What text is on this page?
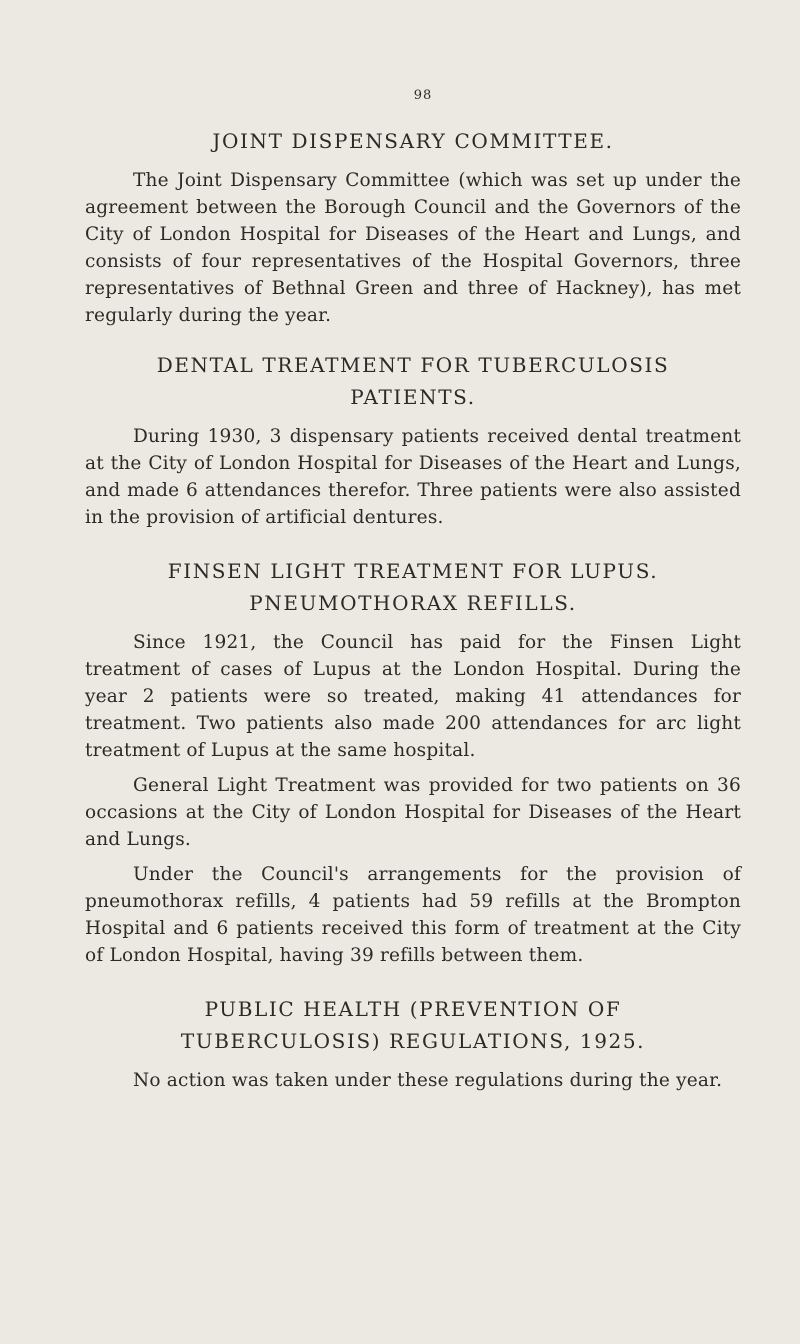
98
JOINT DISPENSARY COMMITTEE.

The Joint Dispensary Committee (which was set up under the agreement between the Borough Council and the Governors of the City of London Hospital for Diseases of the Heart and Lungs, and consists of four representatives of the Hospital Governors, three representatives of Bethnal Green and three of Hackney), has met regularly during the year.

DENTAL TREATMENT FOR TUBERCULOSIS
PATIENTS.

During 1930, 3 dispensary patients received dental treatment at the City of London Hospital for Diseases of the Heart and Lungs, and made 6 attendances therefor. Three patients were also assisted in the provision of artificial dentures.

FINSEN LIGHT TREATMENT FOR LUPUS.
PNEUMOTHORAX REFILLS.

Since 1921, the Council has paid for the Finsen Light treatment of cases of Lupus at the London Hospital. During the year 2 patients were so treated, making 41 attendances for treatment. Two patients also made 200 attendances for arc light treatment of Lupus at the same hospital.

General Light Treatment was provided for two patients on 36 occasions at the City of London Hospital for Diseases of the Heart and Lungs.

Under the Council's arrangements for the provision of pneumothorax refills, 4 patients had 59 refills at the Brompton Hospital and 6 patients received this form of treatment at the City of London Hospital, having 39 refills between them.

PUBLIC HEALTH (PREVENTION OF
TUBERCULOSIS) REGULATIONS, 1925.

No action was taken under these regulations during the year.
